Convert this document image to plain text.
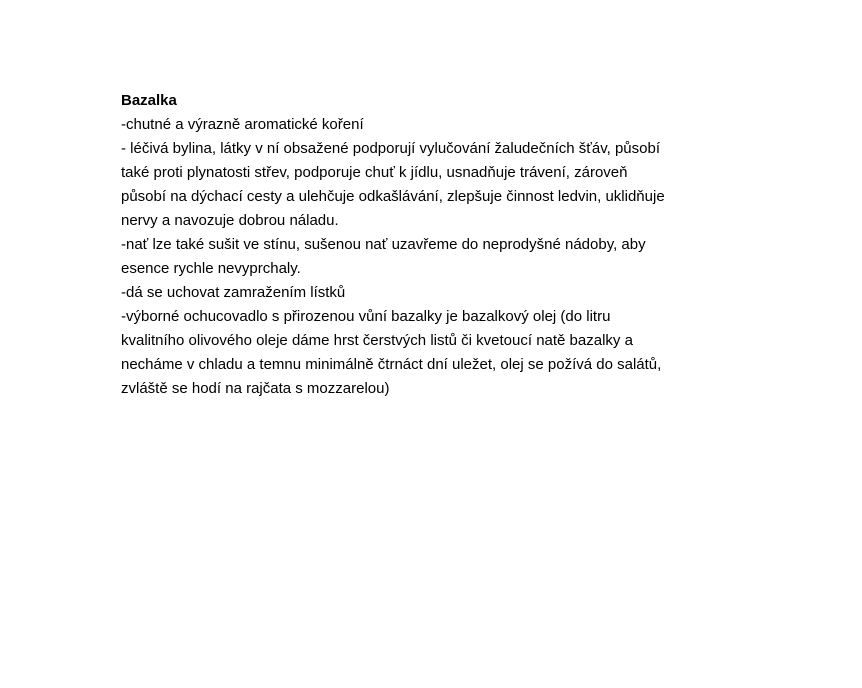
Bazalka

-chutné a výrazně aromatické koření

- léčivá bylina, látky v ní obsažené podporují vylučování žaludečních šťáv, působí

také proti plynatosti střev, podporuje chuť k jídlu, usnadňuje trávení, zároveň

působí na dýchací cesty a ulehčuje odkašlávání, zlepšuje činnost ledvin, uklidňuje

nervy a navozuje dobrou náladu.

-nať lze také sušit ve stínu, sušenou nať uzavřeme do neprodyšné nádoby, aby

esence rychle nevyprchaly.

-dá se uchovat zamražením lístků

-výborné ochucovadlo s přirozenou vůní bazalky je bazalkový olej (do litru

kvalitního olivového oleje dáme hrst čerstvých listů či kvetoucí natě bazalky a

necháme v chladu a temnu minimálně čtrnáct dní uležet, olej se požívá do salátů,

zvláště se hodí na rajčata s mozzarelou)
